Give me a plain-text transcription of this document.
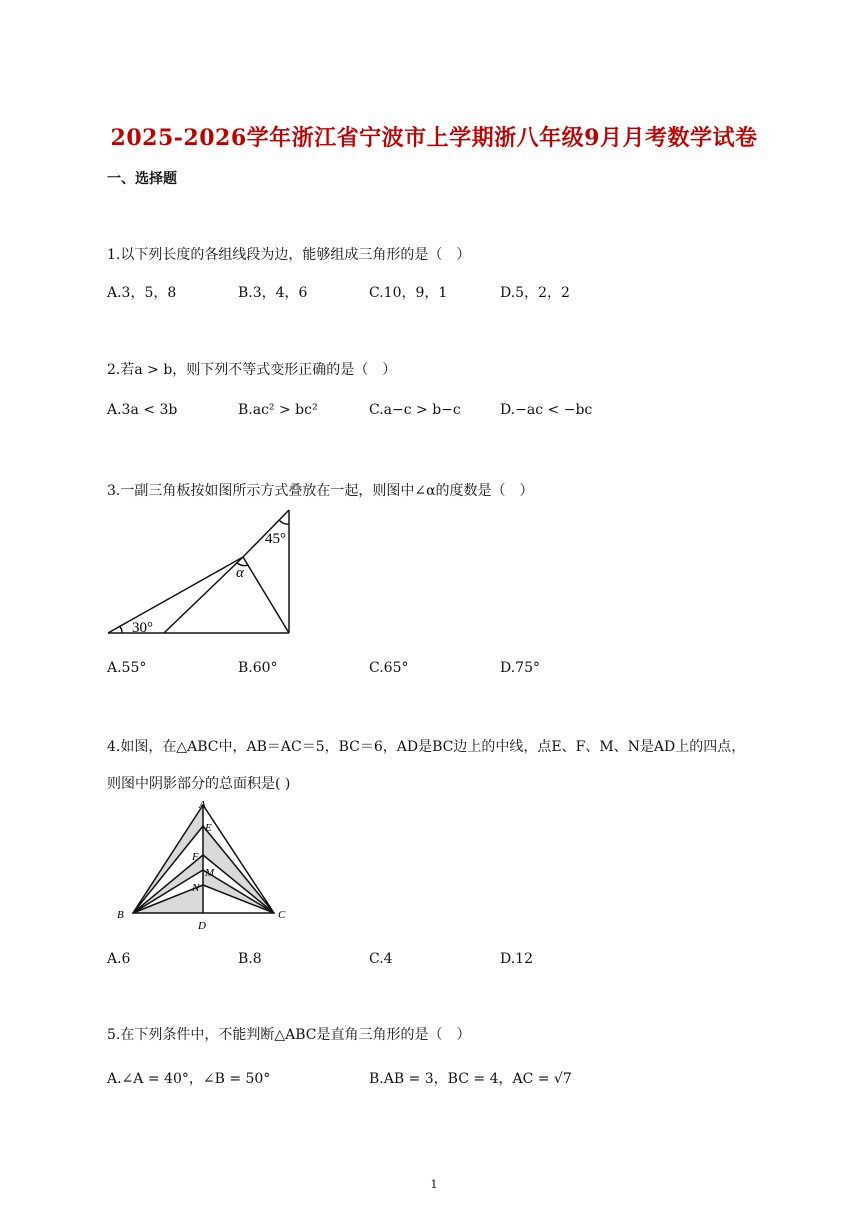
2025-2026学年浙江省宁波市上学期浙八年级9月月考数学试卷
一、选择题
1.以下列长度的各组线段为边，能够组成三角形的是（　）
A.3，5，8	B.3，4，6	C.10，9，1	D.5，2，2
2.若a > b，则下列不等式变形正确的是（　）
A.3a < 3b	B.ac² > bc²	C.a−c > b−c	D.−ac < −bc
3.一副三角板按如图所示方式叠放在一起，则图中∠α的度数是（　）
45°
α
30°
A.55°	B.60°	C.65°	D.75°
4.如图，在△ABC中，AB＝AC＝5，BC＝6，AD是BC边上的中线，点E、F、M、N是AD上的四点，
则图中阴影部分的总面积是( )
A
E
F
M
N
B
D
C
A.6	B.8	C.4	D.12
5.在下列条件中，不能判断△ABC是直角三角形的是（　）
A.∠A = 40°，∠B = 50°	B.AB = 3，BC = 4，AC = √7
1
